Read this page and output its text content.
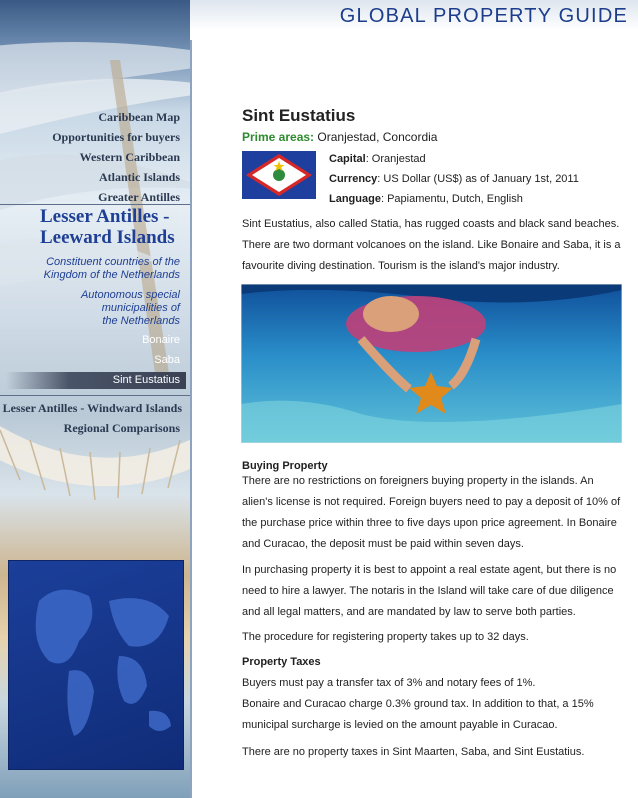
Caribbean Map
Opportunities for buyers
Western Caribbean
Atlantic Islands
Greater Antilles
Lesser Antilles -
Leeward Islands
Constituent countries of the
Kingdom of the Netherlands
Autonomous special
municipalities of
the Netherlands
Bonaire
Saba
Sint Eustatius
Lesser Antilles - Windward Islands
Regional Comparisons
GLOBAL PROPERTY GUIDE
Sint Eustatius
Prime areas: Oranjestad, Concordia
Capital: Oranjestad
Currency: US Dollar (US$) as of January 1st, 2011
Language: Papiamentu, Dutch, English
Sint Eustatius, also called Statia, has rugged coasts and black sand beaches.
There are two dormant volcanoes on the island. Like Bonaire and Saba, it is a
favourite diving destination. Tourism is the island's major industry.
Buying Property
There are no restrictions on foreigners buying property in the islands. An
alien's license is not required. Foreign buyers need to pay a deposit of 10% of
the purchase price within three to five days upon price agreement. In Bonaire
and Curacao, the deposit must be paid within seven days.
In purchasing property it is best to appoint a real estate agent, but there is no
need to hire a lawyer. The notaris in the Island will take care of due diligence
and all legal matters, and are mandated by law to serve both parties.
The procedure for registering property takes up to 32 days.
Property Taxes
Buyers must pay a transfer tax of 3% and notary fees of 1%.
Bonaire and Curacao charge 0.3% ground tax. In addition to that, a 15%
municipal surcharge is levied on the amount payable in Curacao.
There are no property taxes in Sint Maarten, Saba, and Sint Eustatius.
